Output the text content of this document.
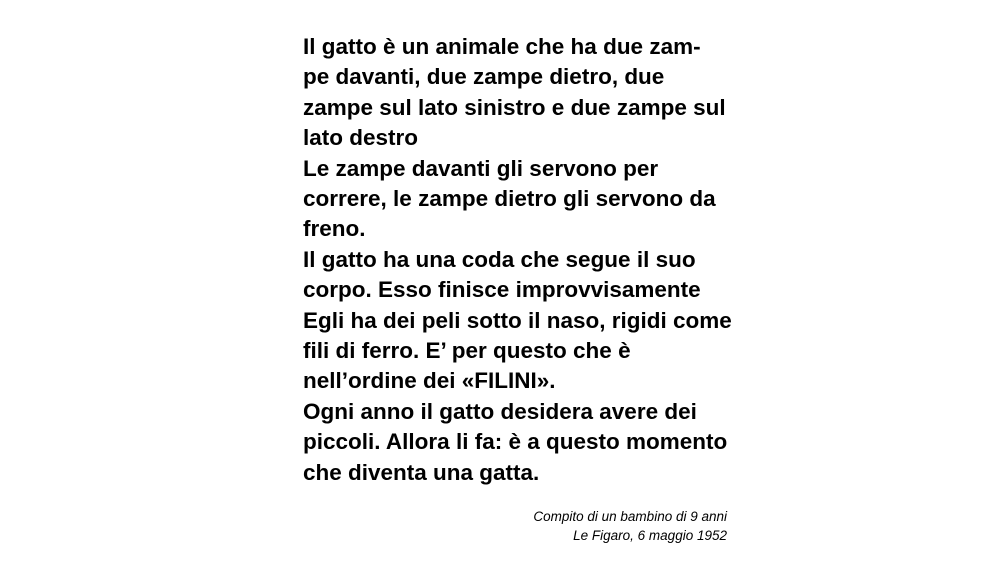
Il gatto è un animale che ha due zam-
pe davanti, due zampe dietro, due
zampe sul lato sinistro e due zampe sul
lato destro
Le zampe davanti gli servono per
correre, le zampe dietro gli servono da
freno.
Il gatto ha una coda che segue il suo
corpo. Esso finisce improvvisamente
Egli ha dei peli sotto il naso, rigidi come
fili di ferro. E’ per questo che è
nell’ordine dei «FILINI».
Ogni anno il gatto desidera avere dei
piccoli. Allora li fa: è a questo momento
che diventa una gatta.
Compito di un bambino di 9 anni
Le Figaro, 6 maggio 1952
